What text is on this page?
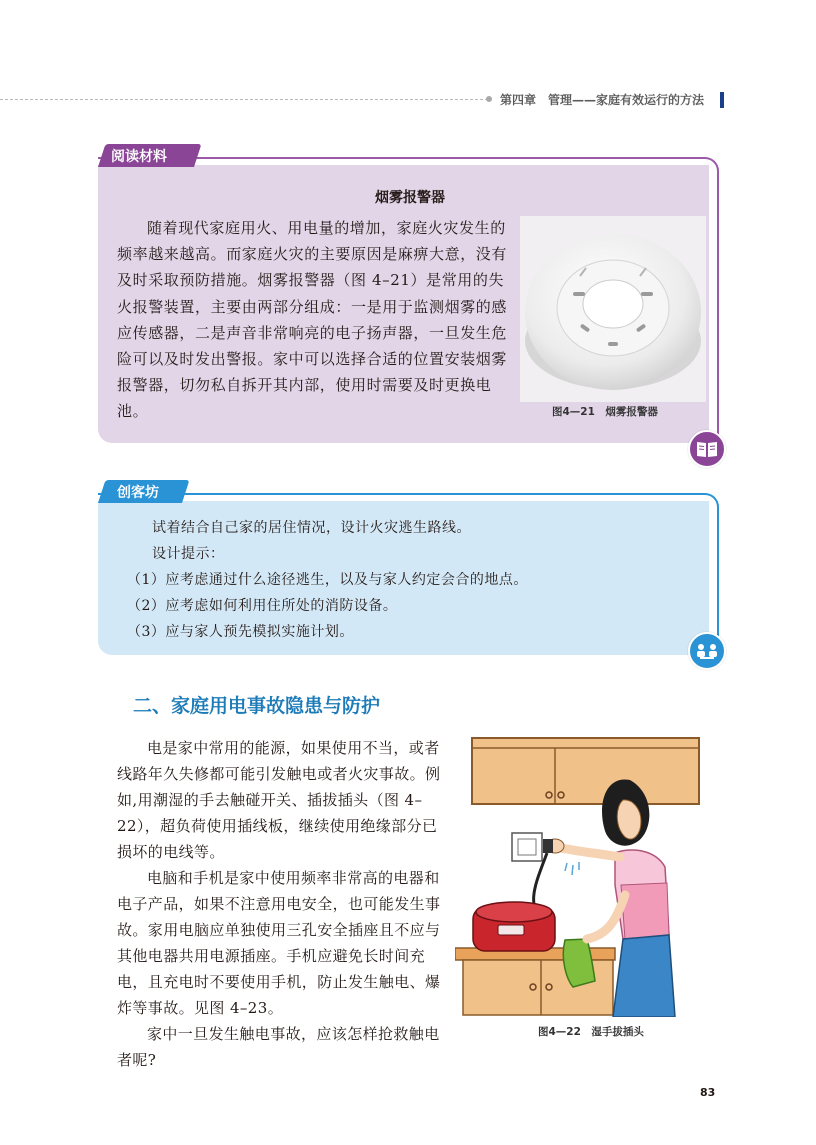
第四章　管理——家庭有效运行的方法
阅读材料
烟雾报警器
随着现代家庭用火、用电量的增加，家庭火灾发生的频率越来越高。而家庭火灾的主要原因是麻痹大意，没有及时采取预防措施。烟雾报警器（图 4–21）是常用的失火报警装置，主要由两部分组成：一是用于监测烟雾的感应传感器，二是声音非常响亮的电子扬声器，一旦发生危险可以及时发出警报。家中可以选择合适的位置安装烟雾报警器，切勿私自拆开其内部，使用时需要及时更换电池。	图4—21　烟雾报警器
创客坊
试着结合自己家的居住情况，设计火灾逃生路线。
设计提示：
（1）应考虑通过什么途径逃生，以及与家人约定会合的地点。
（2）应考虑如何利用住所处的消防设备。
（3）应与家人预先模拟实施计划。
二、家庭用电事故隐患与防护

电是家中常用的能源，如果使用不当，或者线路年久失修都可能引发触电或者火灾事故。例如,用潮湿的手去触碰开关、插拔插头（图 4–22），超负荷使用插线板，继续使用绝缘部分已损坏的电线等。

电脑和手机是家中使用频率非常高的电器和电子产品，如果不注意用电安全，也可能发生事故。家用电脑应单独使用三孔安全插座且不应与其他电器共用电源插座。手机应避免长时间充电，且充电时不要使用手机，防止发生触电、爆炸等事故。见图 4–23。

家中一旦发生触电事故，应该怎样抢救触电者呢?

图4—22　湿手拔插头
83
